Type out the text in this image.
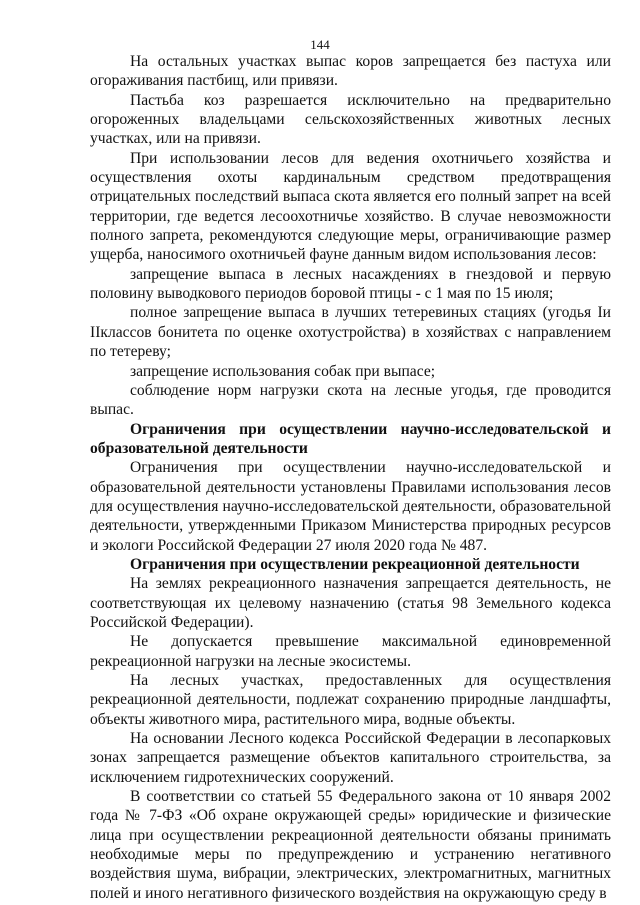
144

На остальных участках выпас коров запрещается без пастуха или огораживания пастбищ, или привязи.

Пастьба коз разрешается исключительно на предварительно огороженных владельцами сельскохозяйственных животных лесных участках, или на привязи.

При использовании лесов для ведения охотничьего хозяйства и осуществления охоты кардинальным средством предотвращения отрицательных последствий выпаса скота является его полный запрет на всей территории, где ведется лесоохотничье хозяйство. В случае невозможности полного запрета, рекомендуются следующие меры, ограничивающие размер ущерба, наносимого охотничьей фауне данным видом использования лесов:

запрещение выпаса в лесных насаждениях в гнездовой и первую половину выводкового периодов боровой птицы - с 1 мая по 15 июля;

полное запрещение выпаса в лучших тетеревиных стациях (угодья Iи IIклассов бонитета по оценке охотустройства) в хозяйствах с направлением по тетереву;

запрещение использования собак при выпасе;

соблюдение норм нагрузки скота на лесные угодья, где проводится выпас.

Ограничения при осуществлении научно-исследовательской и образовательной деятельности

Ограничения при осуществлении научно-исследовательской и образовательной деятельности установлены Правилами использования лесов для осуществления научно-исследовательской деятельности, образовательной деятельности, утвержденными Приказом Министерства природных ресурсов и экологи Российской Федерации 27 июля 2020 года № 487.

Ограничения при осуществлении рекреационной деятельности

На землях рекреационного назначения запрещается деятельность, не соответствующая их целевому назначению (статья 98 Земельного кодекса Российской Федерации).

Не допускается превышение максимальной единовременной рекреационной нагрузки на лесные экосистемы.

На лесных участках, предоставленных для осуществления рекреационной деятельности, подлежат сохранению природные ландшафты, объекты животного мира, растительного мира, водные объекты.

На основании Лесного кодекса Российской Федерации в лесопарковых зонах запрещается размещение объектов капитального строительства, за исключением гидротехнических сооружений.

В соответствии со статьей 55 Федерального закона от 10 января 2002 года № 7-ФЗ «Об охране окружающей среды» юридические и физические лица при осуществлении рекреационной деятельности обязаны принимать необходимые меры по предупреждению и устранению негативного воздействия шума, вибрации, электрических, электромагнитных, магнитных полей и иного негативного физического воздействия на окружающую среду в
